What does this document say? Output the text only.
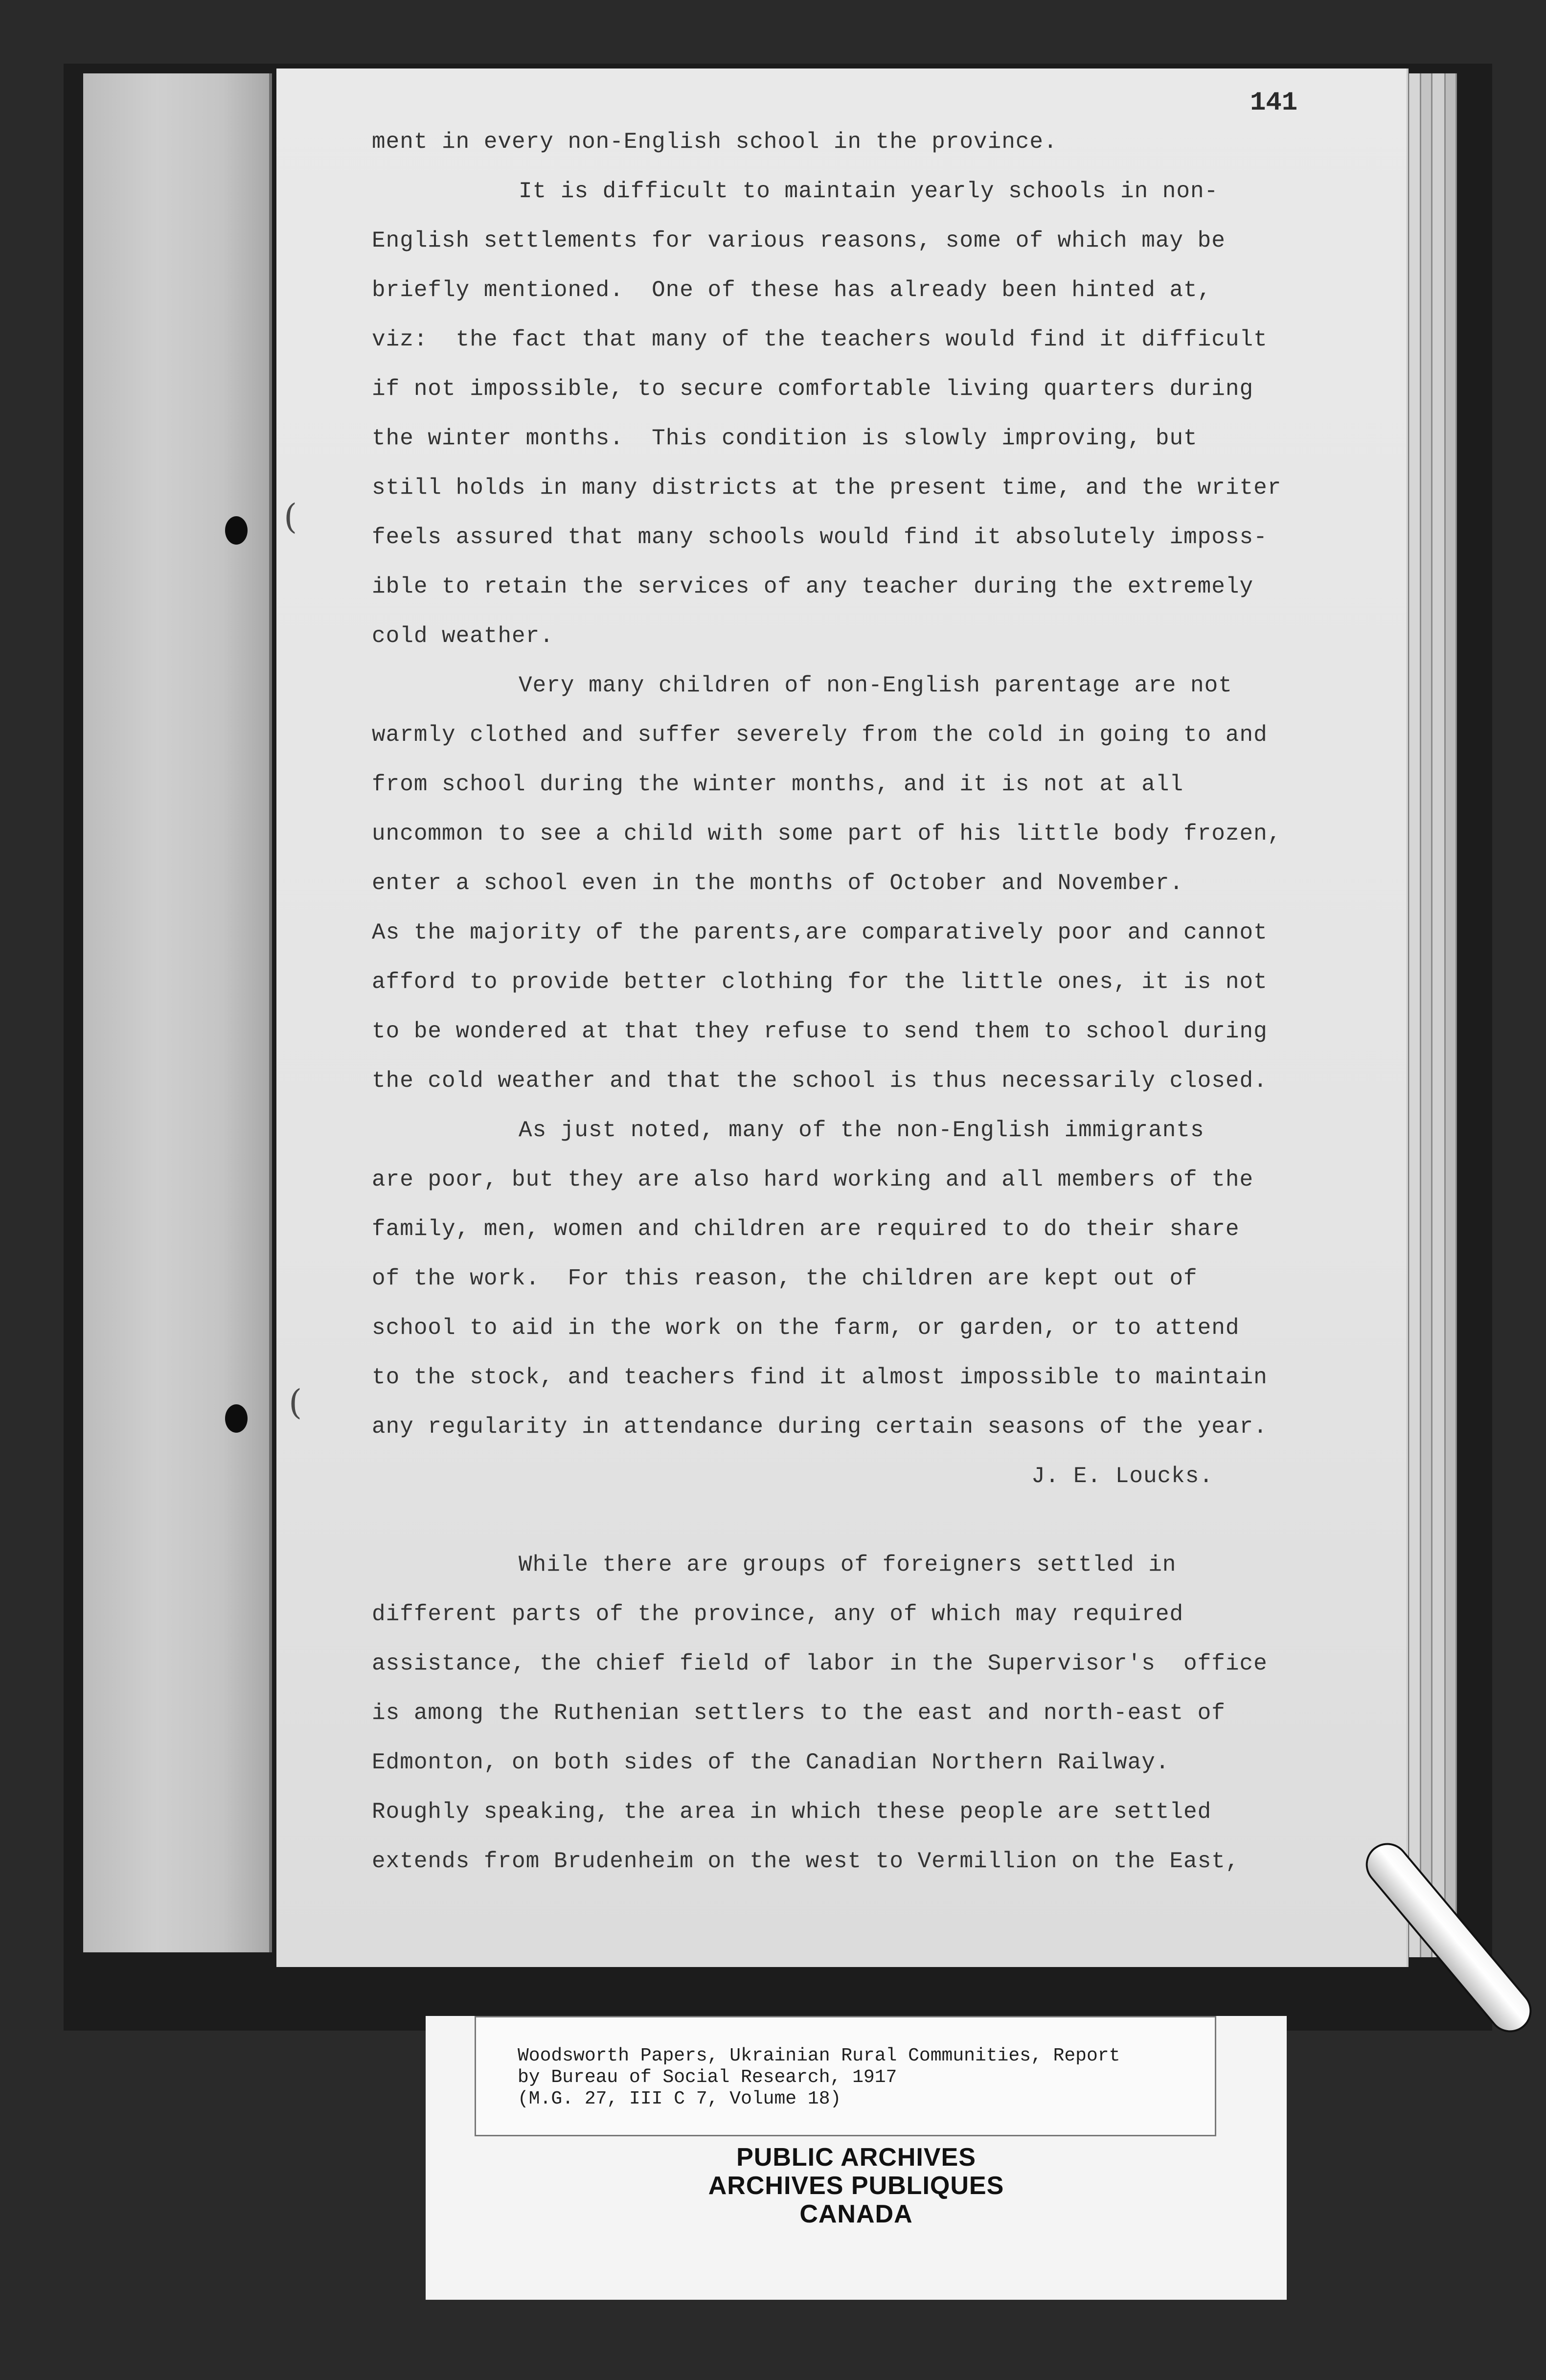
141
(
(
ment in every non-English school in the province.
It is difficult to maintain yearly schools in non-
English settlements for various reasons, some of which may be
briefly mentioned.  One of these has already been hinted at,
viz:  the fact that many of the teachers would find it difficult
if not impossible, to secure comfortable living quarters during
the winter months.  This condition is slowly improving, but
still holds in many districts at the present time, and the writer
feels assured that many schools would find it absolutely imposs-
ible to retain the services of any teacher during the extremely
cold weather.
Very many children of non-English parentage are not
warmly clothed and suffer severely from the cold in going to and
from school during the winter months, and it is not at all
uncommon to see a child with some part of his little body frozen,
enter a school even in the months of October and November.
As the majority of the parents,are comparatively poor and cannot
afford to provide better clothing for the little ones, it is not
to be wondered at that they refuse to send them to school during
the cold weather and that the school is thus necessarily closed.
As just noted, many of the non-English immigrants
are poor, but they are also hard working and all members of the
family, men, women and children are required to do their share
of the work.  For this reason, the children are kept out of
school to aid in the work on the farm, or garden, or to attend
to the stock, and teachers find it almost impossible to maintain
any regularity in attendance during certain seasons of the year.
J. E. Loucks.
While there are groups of foreigners settled in
different parts of the province, any of which may required
assistance, the chief field of labor in the Supervisor's  office
is among the Ruthenian settlers to the east and north-east of
Edmonton, on both sides of the Canadian Northern Railway.
Roughly speaking, the area in which these people are settled
extends from Brudenheim on the west to Vermillion on the East,
Woodsworth Papers, Ukrainian Rural Communities, Report
by Bureau of Social Research, 1917
(M.G. 27, III C 7, Volume 18)
PUBLIC ARCHIVES
ARCHIVES PUBLIQUES
CANADA
